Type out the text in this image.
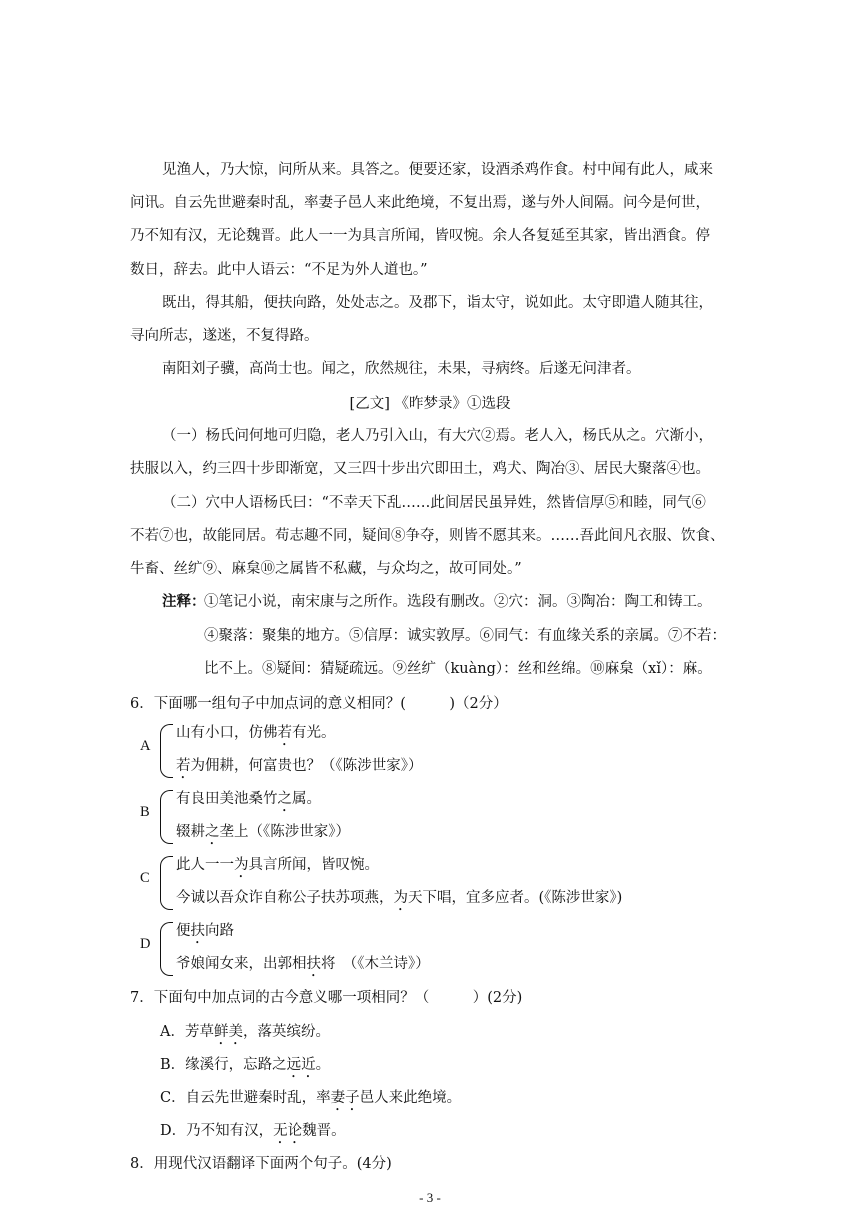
见渔人，乃大惊，问所从来。具答之。便要还家，设酒杀鸡作食。村中闻有此人，咸来
问讯。自云先世避秦时乱，率妻子邑人来此绝境，不复出焉，遂与外人间隔。问今是何世，
乃不知有汉，无论魏晋。此人一一为具言所闻，皆叹惋。余人各复延至其家，皆出酒食。停
数日，辞去。此中人语云：“不足为外人道也。”
既出，得其船，便扶向路，处处志之。及郡下，诣太守，说如此。太守即遣人随其往，
寻向所志，遂迷，不复得路。
南阳刘子骥，高尚士也。闻之，欣然规往，未果，寻病终。后遂无问津者。
[乙文] 《昨梦录》①选段
（一）杨氏问何地可归隐，老人乃引入山，有大穴②焉。老人入，杨氏从之。穴渐小，
扶服以入，约三四十步即渐宽，又三四十步出穴即田土，鸡犬、陶冶③、居民大聚落④也。
（二）穴中人语杨氏曰：“不幸天下乱……此间居民虽异姓，然皆信厚⑤和睦，同气⑥
不若⑦也，故能同居。苟志趣不同，疑间⑧争夺，则皆不愿其来。……吾此间凡衣服、饮食、
牛畜、丝纩⑨、麻枲⑩之属皆不私藏，与众均之，故可同处。”
注释：
①笔记小说，南宋康与之所作。选段有删改。②穴：洞。③陶冶：陶工和铸工。
④聚落：聚集的地方。⑤信厚：诚实敦厚。⑥同气：有血缘关系的亲属。⑦不若：
比不上。⑧疑间：猜疑疏远。⑨丝纩（kuàng）：丝和丝绵。⑩麻枲（xǐ）：麻。
6．下面哪一组句子中加点词的意义相同？(　　　)（2分）
A
山有小口，仿佛若有光。
若为佣耕，何富贵也？（《陈涉世家》）
B
有良田美池桑竹之属。
辍耕之垄上（《陈涉世家》）
C
此人一一为具言所闻，皆叹惋。
今诚以吾众诈自称公子扶苏项燕，为天下唱，宜多应者。(《陈涉世家》)
D
便扶向路
爷娘闻女来，出郭相扶将　（《木兰诗》）
7．下面句中加点词的古今意义哪一项相同？（　　　）(2分)
A．芳草鲜美，落英缤纷。
B．缘溪行，忘路之远近。
C．自云先世避秦时乱，率妻子邑人来此绝境。
D．乃不知有汉，无论魏晋。
8．用现代汉语翻译下面两个句子。(4分)
- 3 -
